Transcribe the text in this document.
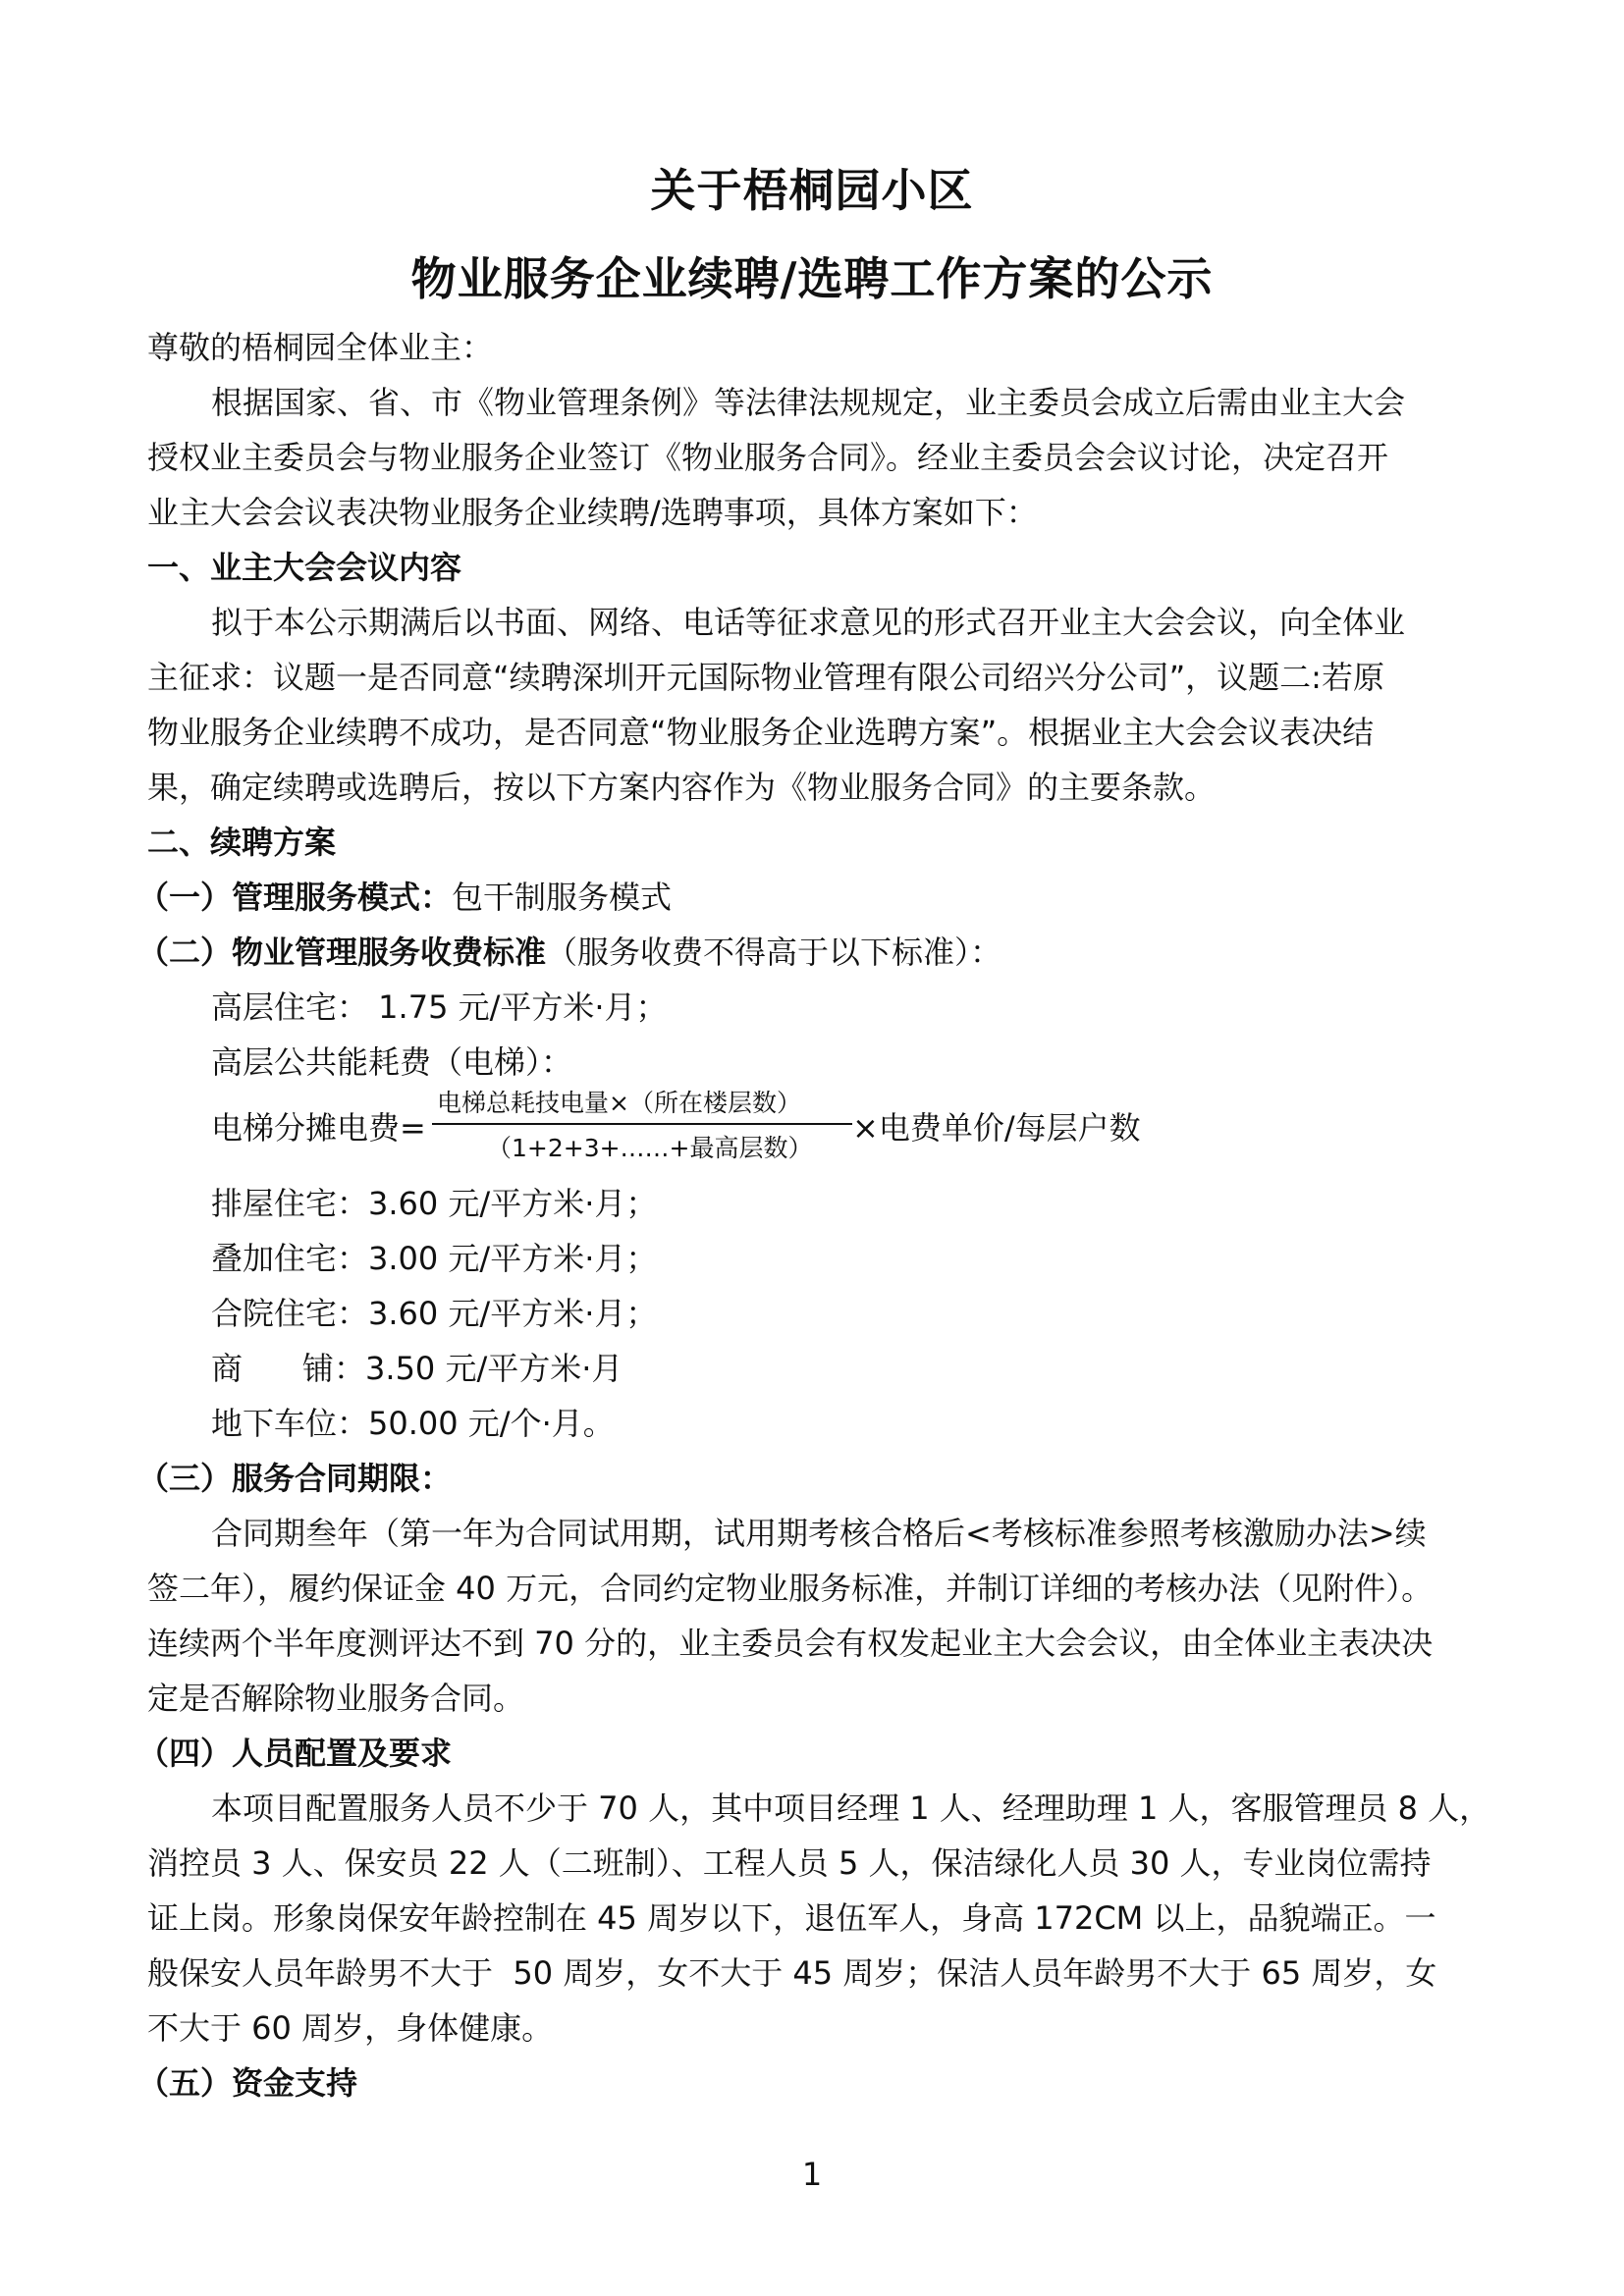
关于梧桐园小区
物业服务企业续聘/选聘工作方案的公示
尊敬的梧桐园全体业主：
根据国家、省、市《物业管理条例》等法律法规规定，业主委员会成立后需由业主大会
授权业主委员会与物业服务企业签订《物业服务合同》。经业主委员会会议讨论，决定召开
业主大会会议表决物业服务企业续聘/选聘事项，具体方案如下：
一、业主大会会议内容
拟于本公示期满后以书面、网络、电话等征求意见的形式召开业主大会会议，向全体业
主征求：议题一是否同意“续聘深圳开元国际物业管理有限公司绍兴分公司”，议题二:若原
物业服务企业续聘不成功，是否同意“物业服务企业选聘方案”。根据业主大会会议表决结
果，确定续聘或选聘后，按以下方案内容作为《物业服务合同》的主要条款。
二、续聘方案
（一）管理服务模式：包干制服务模式
（二）物业管理服务收费标准（服务收费不得高于以下标准）：
高层住宅： 1.75 元/平方米·月；
高层公共能耗费（电梯）：
电梯分摊电费=
电梯总耗技电量×（所在楼层数）
（1+2+3+……+最高层数）
×电费单价/每层户数
排屋住宅：3.60 元/平方米·月；
叠加住宅：3.00 元/平方米·月；
合院住宅：3.60 元/平方米·月；
商      铺：3.50 元/平方米·月
地下车位：50.00 元/个·月。
（三）服务合同期限：
合同期叁年（第一年为合同试用期，试用期考核合格后<考核标准参照考核激励办法>续
签二年），履约保证金 40 万元，合同约定物业服务标准，并制订详细的考核办法（见附件）。
连续两个半年度测评达不到 70 分的，业主委员会有权发起业主大会会议，由全体业主表决决
定是否解除物业服务合同。
（四）人员配置及要求
本项目配置服务人员不少于 70 人，其中项目经理 1 人、经理助理 1 人，客服管理员 8 人，
消控员 3 人、保安员 22 人（二班制）、工程人员 5 人，保洁绿化人员 30 人，专业岗位需持
证上岗。形象岗保安年龄控制在 45 周岁以下，退伍军人，身高 172CM 以上，品貌端正。一
般保安人员年龄男不大于  50 周岁，女不大于 45 周岁；保洁人员年龄男不大于 65 周岁，女
不大于 60 周岁，身体健康。
（五）资金支持
1
